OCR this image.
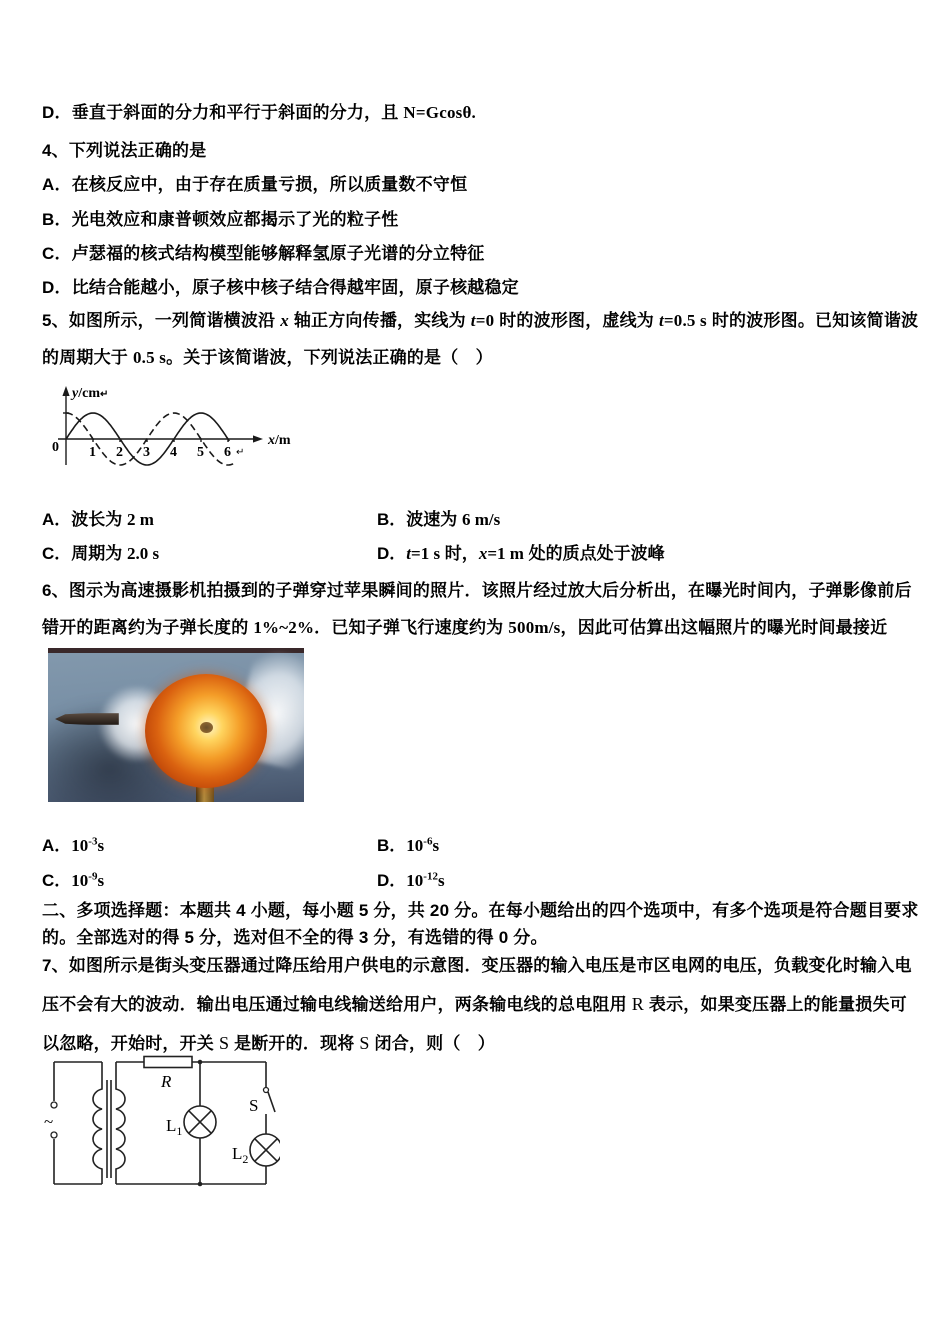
D．垂直于斜面的分力和平行于斜面的分力，且 N=Gcosθ.
4、下列说法正确的是
A．在核反应中，由于存在质量亏损，所以质量数不守恒
B．光电效应和康普顿效应都揭示了光的粒子性
C．卢瑟福的核式结构模型能够解释氢原子光谱的分立特征
D．比结合能越小，原子核中核子结合得越牢固，原子核越稳定
5、如图所示，一列简谐横波沿 x 轴正方向传播，实线为 t=0 时的波形图，虚线为 t=0.5 s 时的波形图。已知该简谐波的周期大于 0.5 s。关于该简谐波，下列说法正确的是（　）
0 1 2 3 4 5 6 ↵
y/cm↵
x/m
A．波长为 2 m	B．波速为 6 m/s
C．周期为 2.0 s	D．t=1 s 时，x=1 m 处的质点处于波峰
6、图示为高速摄影机拍摄到的子弹穿过苹果瞬间的照片．该照片经过放大后分析出，在曝光时间内，子弹影像前后错开的距离约为子弹长度的 1%~2%．已知子弹飞行速度约为 500m/s，因此可估算出这幅照片的曝光时间最接近
A．$10^{-3}s$	B．$10^{-6}s$
C．$10^{-9}s$	D．$10^{-12}s$
二、多项选择题：本题共 4 小题，每小题 5 分，共 20 分。在每小题给出的四个选项中，有多个选项是符合题目要求的。全部选对的得 5 分，选对但不全的得 3 分，有选错的得 0 分。
7、如图所示是街头变压器通过降压给用户供电的示意图．变压器的输入电压是市区电网的电压，负载变化时输入电压不会有大的波动．输出电压通过输电线输送给用户，两条输电线的总电阻用 R 表示，如果变压器上的能量损失可以忽略，开始时，开关 S 是断开的．现将 S 闭合，则（　）
~
R
$L_1$
S
$L_2$
